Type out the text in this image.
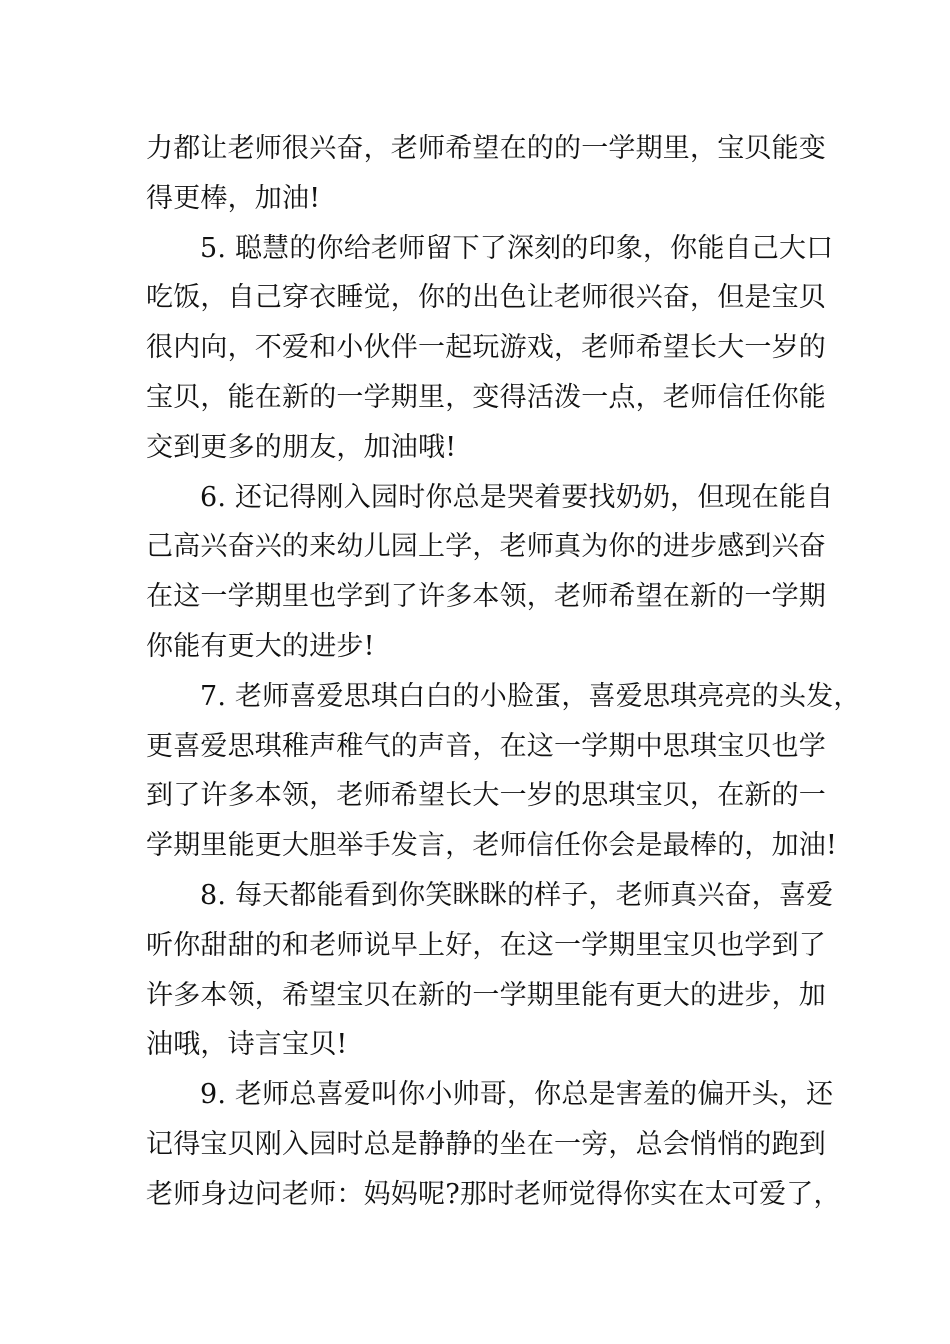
力都让老师很兴奋，老师希望在的的一学期里，宝贝能变
得更棒，加油!
5. 聪慧的你给老师留下了深刻的印象，你能自己大口
吃饭，自己穿衣睡觉，你的出色让老师很兴奋，但是宝贝
很内向，不爱和小伙伴一起玩游戏，老师希望长大一岁的
宝贝，能在新的一学期里，变得活泼一点，老师信任你能
交到更多的朋友，加油哦!
6. 还记得刚入园时你总是哭着要找奶奶，但现在能自
己高兴奋兴的来幼儿园上学，老师真为你的进步感到兴奋
在这一学期里也学到了许多本领，老师希望在新的一学期
你能有更大的进步!
7. 老师喜爱思琪白白的小脸蛋，喜爱思琪亮亮的头发，
更喜爱思琪稚声稚气的声音，在这一学期中思琪宝贝也学
到了许多本领，老师希望长大一岁的思琪宝贝，在新的一
学期里能更大胆举手发言，老师信任你会是最棒的，加油!
8. 每天都能看到你笑眯眯的样子，老师真兴奋，喜爱
听你甜甜的和老师说早上好，在这一学期里宝贝也学到了
许多本领，希望宝贝在新的一学期里能有更大的进步，加
油哦，诗言宝贝!
9. 老师总喜爱叫你小帅哥，你总是害羞的偏开头，还
记得宝贝刚入园时总是静静的坐在一旁，总会悄悄的跑到
老师身边问老师：妈妈呢?那时老师觉得你实在太可爱了，
